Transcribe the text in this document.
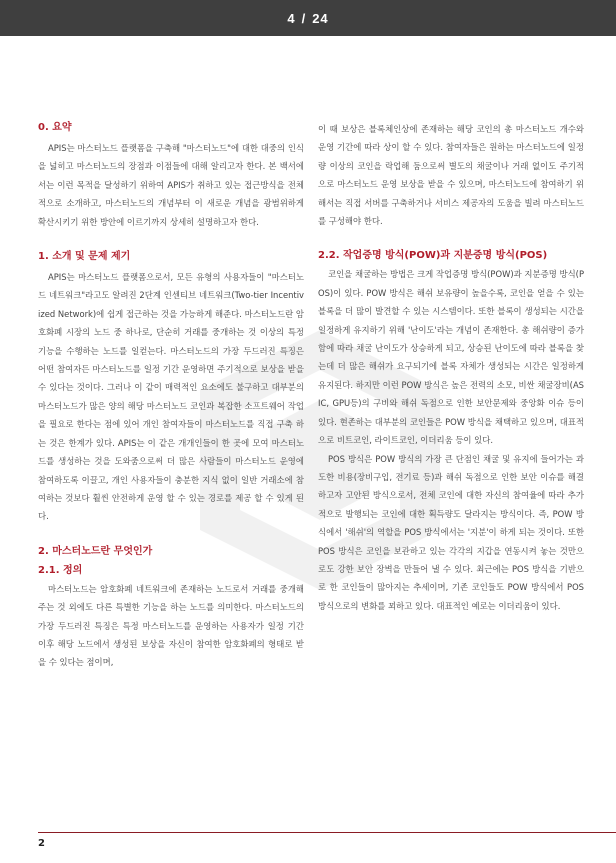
4 / 24
0. 요약

APIS는 마스터노드 플랫폼을 구축해 "마스터노드"에 대한 대중의 인식을 넓히고 마스터노드의 장점과 이점들에 대해 알리고자 한다. 본 백서에서는 이런 목적을 달성하기 위하여 APIS가 취하고 있는 접근방식을 전체적으로 소개하고, 마스터노드의 개념부터 이 새로운 개념을 광범위하게 확산시키기 위한 방안에 이르기까지 상세히 설명하고자 한다.

1. 소개 및 문제 제기

APIS는 마스터노드 플랫폼으로서, 모든 유형의 사용자들이 "마스터노드 네트워크"라고도 알려진 2단계 인센티브 네트워크(Two-tier Incentivized Network)에 쉽게 접근하는 것을 가능하게 해준다. 마스터노드란 암호화폐 시장의 노드 중 하나로, 단순히 거래를 중개하는 것 이상의 특정 기능을 수행하는 노드를 일컫는다. 마스터노드의 가장 두드러진 특징은 어떤 참여자든 마스터노드를 일정 기간 운영하면 주기적으로 보상을 받을 수 있다는 것이다. 그러나 이 같이 매력적인 요소에도 불구하고 대부분의 마스터노드가 많은 양의 해당 마스터노드 코인과 복잡한 소프트웨어 작업을 필요로 한다는 점에 있어 개인 참여자들이 마스터노드를 직접 구축 하는 것은 한계가 있다. APIS는 이 같은 개개인들이 한 곳에 모여 마스터노드를 생성하는 것을 도와줌으로써 더 많은 사람들이 마스터노드 운영에 참여하도록 이끌고, 개인 사용자들이 충분한 지식 없이 일반 거래소에 참여하는 것보다 훨씬 안전하게 운영 할 수 있는 경로를 제공 할 수 있게 된다.

2. 마스터노드란 무엇인가
2.1. 정의

마스터노드는 암호화폐 네트워크에 존재하는 노드로서 거래를 중개해주는 것 외에도 다른 특별한 기능을 하는 노드를 의미한다. 마스터노드의 가장 두드러진 특징은 특정 마스터노드를 운영하는 사용자가 일정 기간 이후 해당 노드에서 생성된 보상을 자신이 참여한 암호화폐의 형태로 받을 수 있다는 점이며,

이 때 보상은 블록체인상에 존재하는 해당 코인의 총 마스터노드 개수와 운영 기간에 따라 상이 할 수 있다. 참여자들은 원하는 마스터노드에 일정량 이상의 코인을 락업해 둠으로써 별도의 채굴이나 거래 없이도 주기적으로 마스터노드 운영 보상을 받을 수 있으며, 마스터노드에 참여하기 위해서는 직접 서버를 구축하거나 서비스 제공자의 도움을 빌려 마스터노드를 구성해야 한다.

2.2. 작업증명 방식(POW)과 지분증명 방식(POS)

코인을 채굴하는 방법은 크게 작업증명 방식(POW)과 지분증명 방식(POS)이 있다. POW 방식은 해쉬 보유량이 높을수록, 코인을 얻을 수 있는 블록을 더 많이 발견할 수 있는 시스템이다. 또한 블록이 생성되는 시간을 일정하게 유지하기 위해 '난이도'라는 개념이 존재한다. 총 해쉬량이 증가함에 따라 채굴 난이도가 상승하게 되고, 상승된 난이도에 따라 블록을 찾는데 더 많은 해쉬가 요구되기에 블록 자체가 생성되는 시간은 일정하게 유지된다. 하지만 이런 POW 방식은 높은 전력의 소모, 비싼 채굴장비(ASIC, GPU등)의 구비와 해쉬 독점으로 인한 보안문제와 중앙화 이슈 등이 있다. 현존하는 대부분의 코인들은 POW 방식을 채택하고 있으며, 대표적으로 비트코인, 라이트코인, 이더리움 등이 있다.

POS 방식은 POW 방식의 가장 큰 단점인 채굴 및 유지에 들어가는 과도한 비용(장비구입, 전기료 등)과 해쉬 독점으로 인한 보안 이슈를 해결하고자 고안된 방식으로서, 전체 코인에 대한 자신의 참여율에 따라 추가적으로 발행되는 코인에 대한 획득량도 달라지는 방식이다. 즉, POW 방식에서 '해쉬'의 역할을 POS 방식에서는 '지분'이 하게 되는 것이다. 또한 POS 방식은 코인을 보관하고 있는 각각의 지갑을 연동시켜 놓는 것만으로도 강한 보안 장벽을 만들어 낼 수 있다. 최근에는 POS 방식을 기반으로 한 코인들이 많아지는 추세이며, 기존 코인들도 POW 방식에서 POS 방식으로의 변화를 꾀하고 있다. 대표적인 예로는 이더리움이 있다.

2
